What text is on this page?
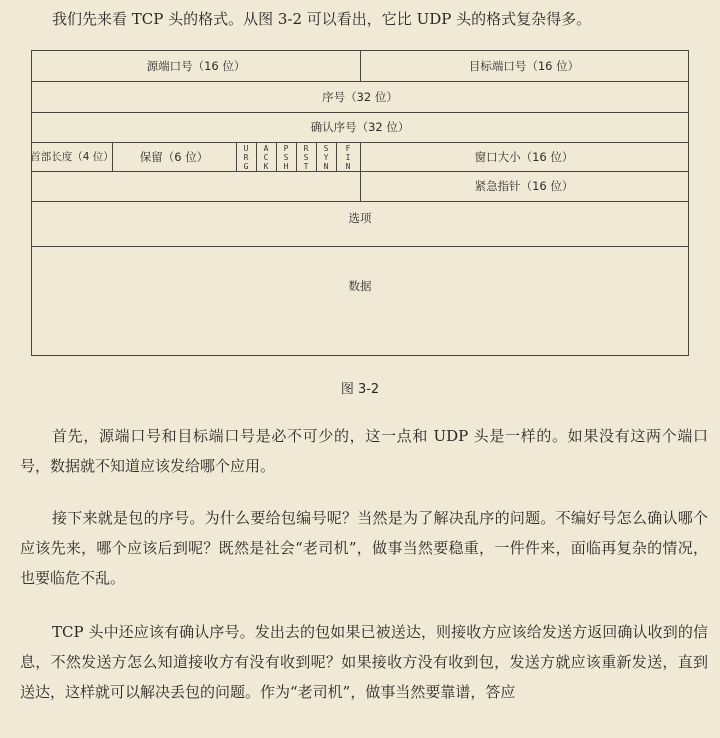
我们先来看 TCP 头的格式。从图 3-2 可以看出，它比 UDP 头的格式复杂得多。
源端口号（16 位）	目标端口号（16 位）
序号（32 位）
确认序号（32 位）
首部长度（4 位）	保留（6 位）
U
R
G
A
C
K
P
S
H
R
S
T
S
Y
N
F
I
N
窗口大小（16 位）
紧急指针（16 位）
选项
数据
图 3-2

首先，源端口号和目标端口号是必不可少的，这一点和 UDP 头是一样的。如果没有这两个端口号，数据就不知道应该发给哪个应用。

接下来就是包的序号。为什么要给包编号呢？当然是为了解决乱序的问题。不编好号怎么确认哪个应该先来，哪个应该后到呢？既然是社会“老司机”，做事当然要稳重，一件件来，面临再复杂的情况，也要临危不乱。

TCP 头中还应该有确认序号。发出去的包如果已被送达，则接收方应该给发送方返回确认收到的信息，不然发送方怎么知道接收方有没有收到呢？如果接收方没有收到包，发送方就应该重新发送，直到送达，这样就可以解决丢包的问题。作为“老司机”，做事当然要靠谱，答应
